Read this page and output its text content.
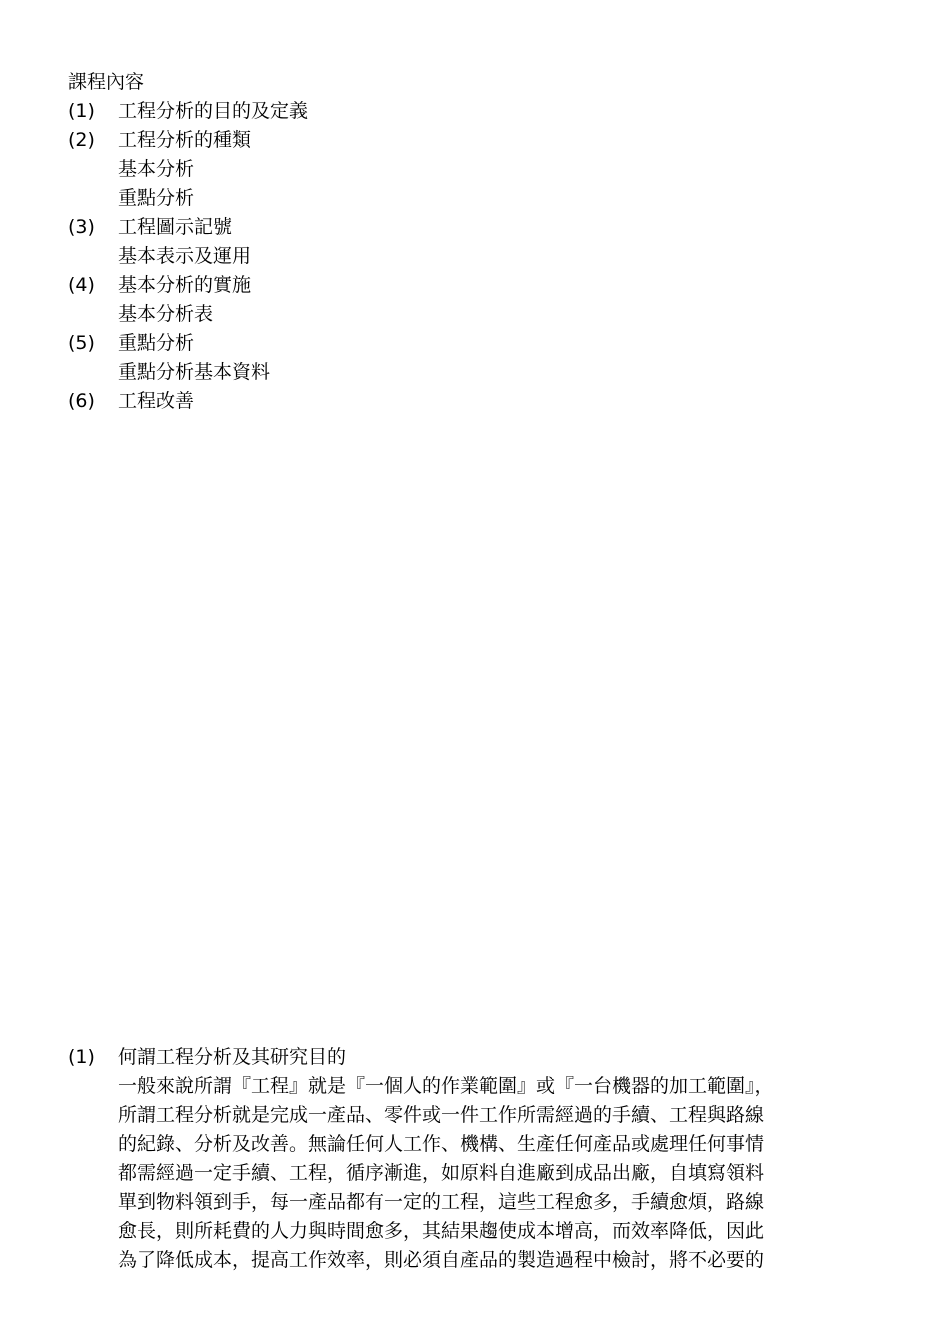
課程內容
(1) 工程分析的目的及定義
(2) 工程分析的種類
基本分析
重點分析
(3) 工程圖示記號
基本表示及運用
(4) 基本分析的實施
基本分析表
(5) 重點分析
重點分析基本資料
(6) 工程改善
(1) 何謂工程分析及其研究目的
一般來說所謂『工程』就是『一個人的作業範圍』或『一台機器的加工範圍』，
所謂工程分析就是完成一產品、零件或一件工作所需經過的手續、工程與路線
的紀錄、分析及改善。無論任何人工作、機構、生產任何產品或處理任何事情
都需經過一定手續、工程，循序漸進，如原料自進廠到成品出廠，自填寫領料
單到物料領到手，每一產品都有一定的工程，這些工程愈多，手續愈煩，路線
愈長，則所耗費的人力與時間愈多，其結果趨使成本增高，而效率降低，因此
為了降低成本，提高工作效率，則必須自產品的製造過程中檢討，將不必要的
